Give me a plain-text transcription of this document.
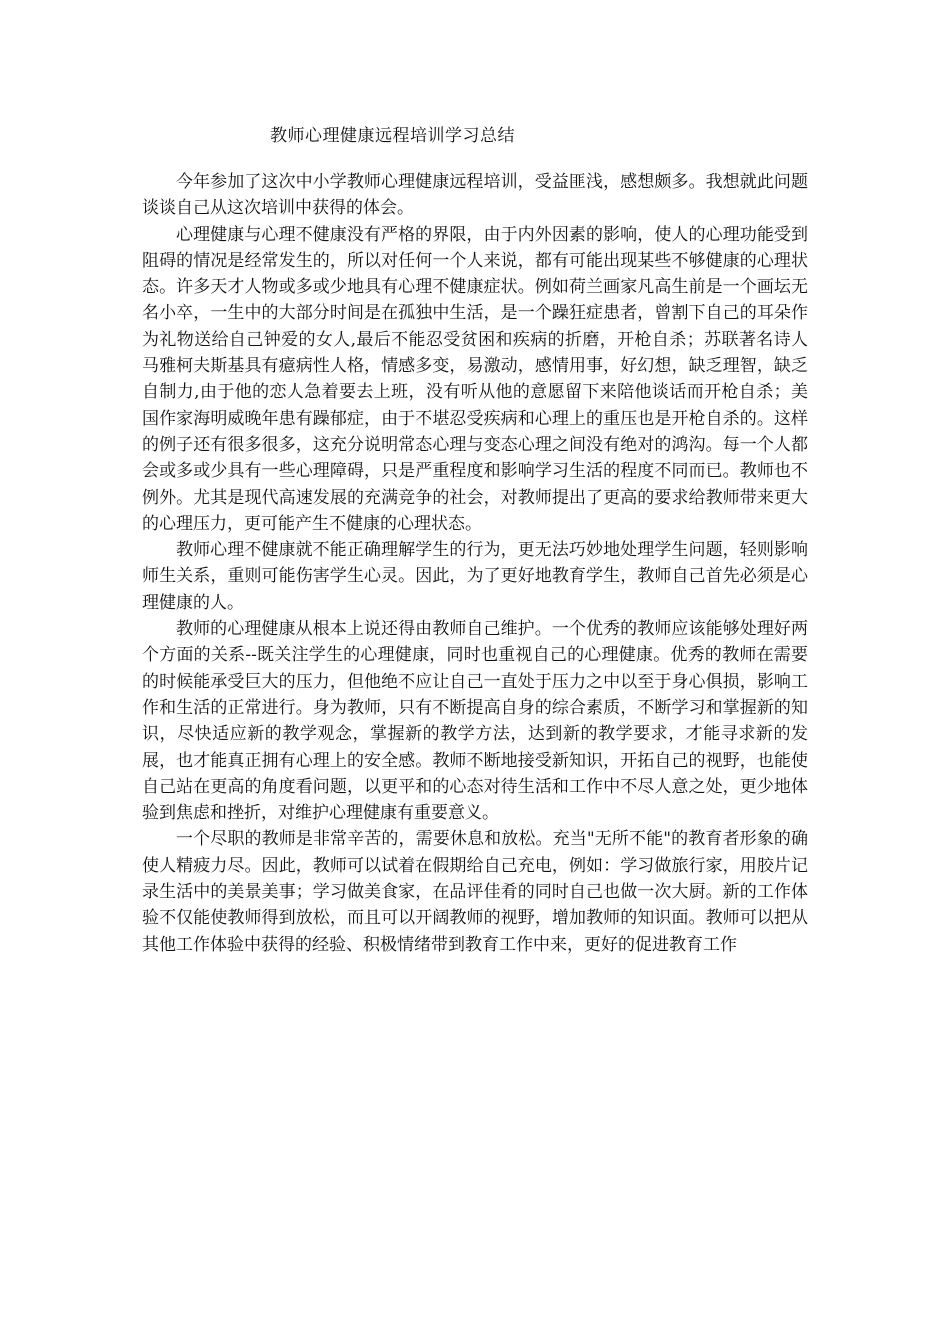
教师心理健康远程培训学习总结

今年参加了这次中小学教师心理健康远程培训，受益匪浅，感想颇多。我想就此问题谈谈自己从这次培训中获得的体会。

心理健康与心理不健康没有严格的界限，由于内外因素的影响，使人的心理功能受到阻碍的情况是经常发生的，所以对任何一个人来说，都有可能出现某些不够健康的心理状态。许多天才人物或多或少地具有心理不健康症状。例如荷兰画家凡高生前是一个画坛无名小卒，一生中的大部分时间是在孤独中生活，是一个躁狂症患者，曾割下自己的耳朵作为礼物送给自己钟爱的女人,最后不能忍受贫困和疾病的折磨，开枪自杀；苏联著名诗人马雅柯夫斯基具有癔病性人格，情感多变，易激动，感情用事，好幻想，缺乏理智，缺乏自制力,由于他的恋人急着要去上班，没有听从他的意愿留下来陪他谈话而开枪自杀；美国作家海明威晚年患有躁郁症，由于不堪忍受疾病和心理上的重压也是开枪自杀的。这样的例子还有很多很多，这充分说明常态心理与变态心理之间没有绝对的鸿沟。每一个人都会或多或少具有一些心理障碍，只是严重程度和影响学习生活的程度不同而已。教师也不例外。尤其是现代高速发展的充满竞争的社会，对教师提出了更高的要求给教师带来更大的心理压力，更可能产生不健康的心理状态。

教师心理不健康就不能正确理解学生的行为，更无法巧妙地处理学生问题，轻则影响师生关系，重则可能伤害学生心灵。因此，为了更好地教育学生，教师自己首先必须是心理健康的人。

教师的心理健康从根本上说还得由教师自己维护。一个优秀的教师应该能够处理好两个方面的关系--既关注学生的心理健康，同时也重视自己的心理健康。优秀的教师在需要的时候能承受巨大的压力，但他绝不应让自己一直处于压力之中以至于身心俱损，影响工作和生活的正常进行。身为教师，只有不断提高自身的综合素质，不断学习和掌握新的知识，尽快适应新的教学观念，掌握新的教学方法，达到新的教学要求，才能寻求新的发展，也才能真正拥有心理上的安全感。教师不断地接受新知识，开拓自己的视野，也能使自己站在更高的角度看问题，以更平和的心态对待生活和工作中不尽人意之处，更少地体验到焦虑和挫折，对维护心理健康有重要意义。

一个尽职的教师是非常辛苦的，需要休息和放松。充当"无所不能"的教育者形象的确使人精疲力尽。因此，教师可以试着在假期给自己充电，例如：学习做旅行家，用胶片记录生活中的美景美事；学习做美食家，在品评佳肴的同时自己也做一次大厨。新的工作体验不仅能使教师得到放松，而且可以开阔教师的视野，增加教师的知识面。教师可以把从其他工作体验中获得的经验、积极情绪带到教育工作中来，更好的促进教育工作
